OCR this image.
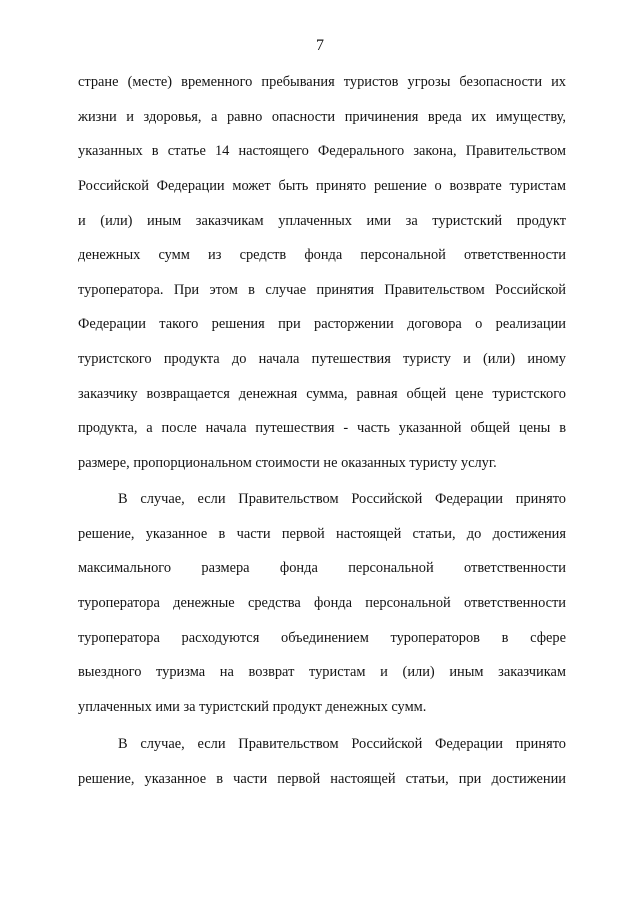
7
стране (месте) временного пребывания туристов угрозы безопасности их
жизни и здоровья, а равно опасности причинения вреда их имуществу,
указанных в статье 14 настоящего Федерального закона, Правительством
Российской Федерации может быть принято решение о возврате туристам
и (или) иным заказчикам уплаченных ими за туристский продукт
денежных сумм из средств фонда персональной ответственности
туроператора. При этом в случае принятия Правительством Российской
Федерации такого решения при расторжении договора о реализации
туристского продукта до начала путешествия туристу и (или) иному
заказчику возвращается денежная сумма, равная общей цене туристского
продукта, а после начала путешествия - часть указанной общей цены в
размере, пропорциональном стоимости не оказанных туристу услуг.
В случае, если Правительством Российской Федерации принято
решение, указанное в части первой настоящей статьи, до достижения
максимального размера фонда персональной ответственности
туроператора денежные средства фонда персональной ответственности
туроператора расходуются объединением туроператоров в сфере
выездного туризма на возврат туристам и (или) иным заказчикам
уплаченных ими за туристский продукт денежных сумм.
В случае, если Правительством Российской Федерации принято
решение, указанное в части первой настоящей статьи, при достижении
